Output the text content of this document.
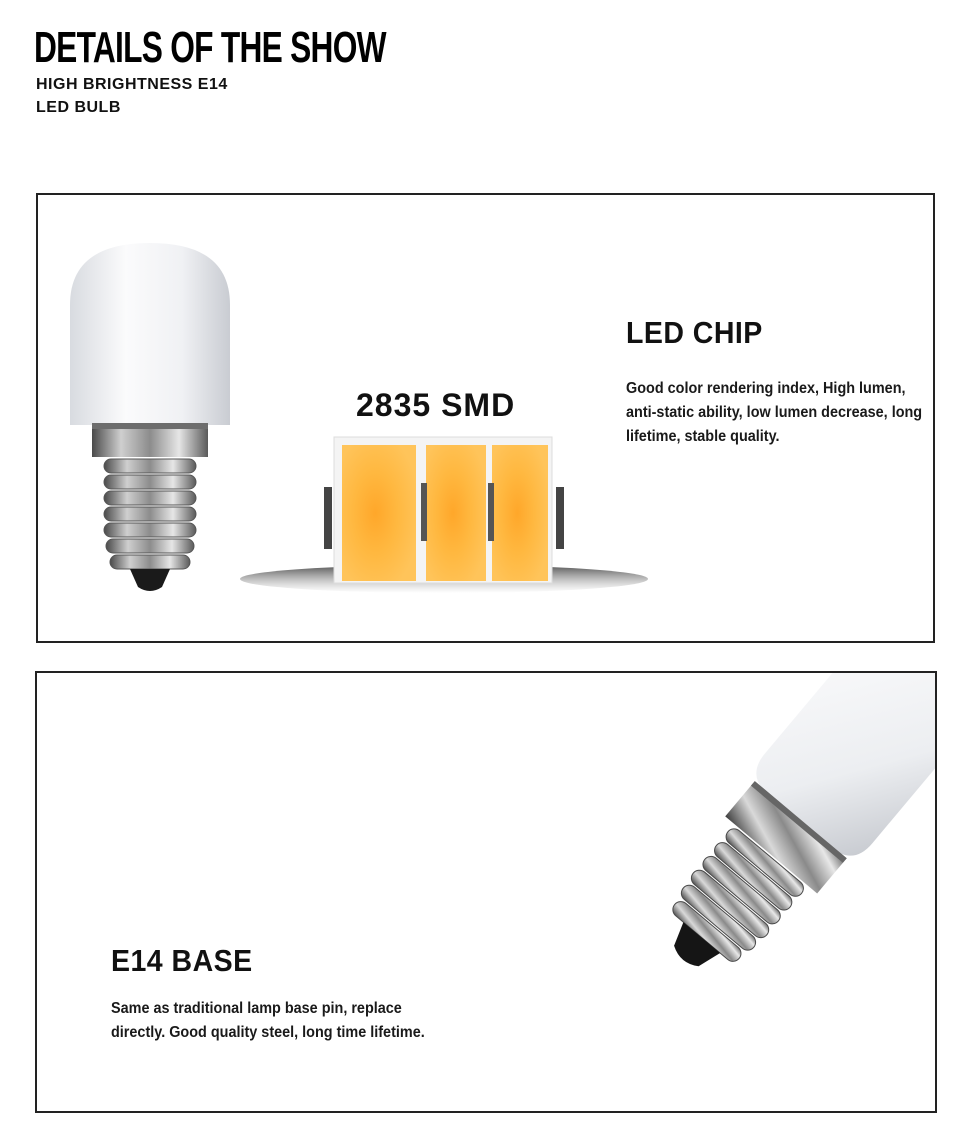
DETAILS OF THE SHOW

HIGH BRIGHTNESS E14
LED BULB

2835 SMD
LED CHIP

Good color rendering index, High lumen, anti-static ability, low lumen decrease, long lifetime, stable quality.

E14 BASE

Same as traditional lamp base pin, replace directly. Good quality steel, long time lifetime.
